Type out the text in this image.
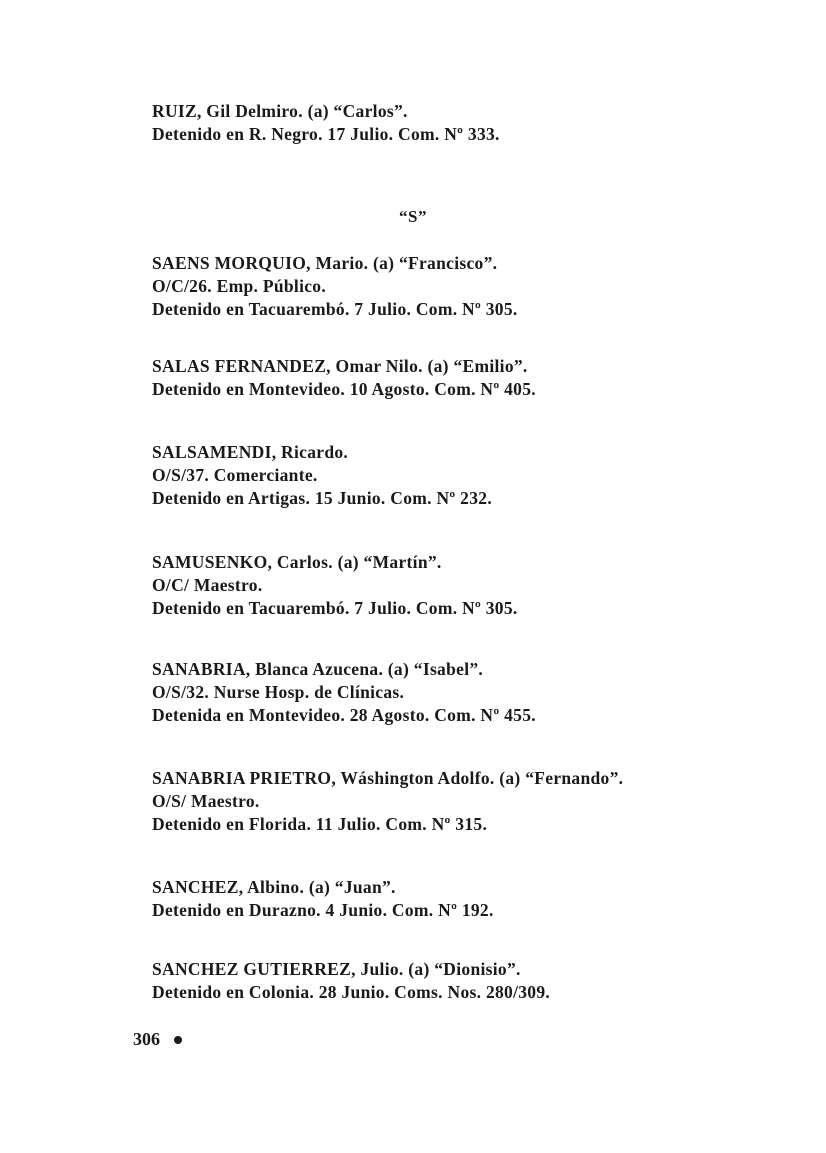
RUIZ, Gil Delmiro. (a) “Carlos”.
Detenido en R. Negro. 17 Julio. Com. Nº 333.
“S”
SAENS MORQUIO, Mario. (a) “Francisco”.
O/C/26. Emp. Público.
Detenido en Tacuarembó. 7 Julio. Com. Nº 305.
SALAS FERNANDEZ, Omar Nilo. (a) “Emilio”.
Detenido en Montevideo. 10 Agosto. Com. Nº 405.
SALSAMENDI, Ricardo.
O/S/37. Comerciante.
Detenido en Artigas. 15 Junio. Com. Nº 232.
SAMUSENKO, Carlos. (a) “Martín”.
O/C/ Maestro.
Detenido en Tacuarembó. 7 Julio. Com. Nº 305.
SANABRIA, Blanca Azucena. (a) “Isabel”.
O/S/32. Nurse Hosp. de Clínicas.
Detenida en Montevideo. 28 Agosto. Com. Nº 455.
SANABRIA PRIETRO, Wáshington Adolfo. (a) “Fernando”.
O/S/ Maestro.
Detenido en Florida. 11 Julio. Com. Nº 315.
SANCHEZ, Albino. (a) “Juan”.
Detenido en Durazno. 4 Junio. Com. Nº 192.
SANCHEZ GUTIERREZ, Julio. (a) “Dionisio”.
Detenido en Colonia. 28 Junio. Coms. Nos. 280/309.
306
